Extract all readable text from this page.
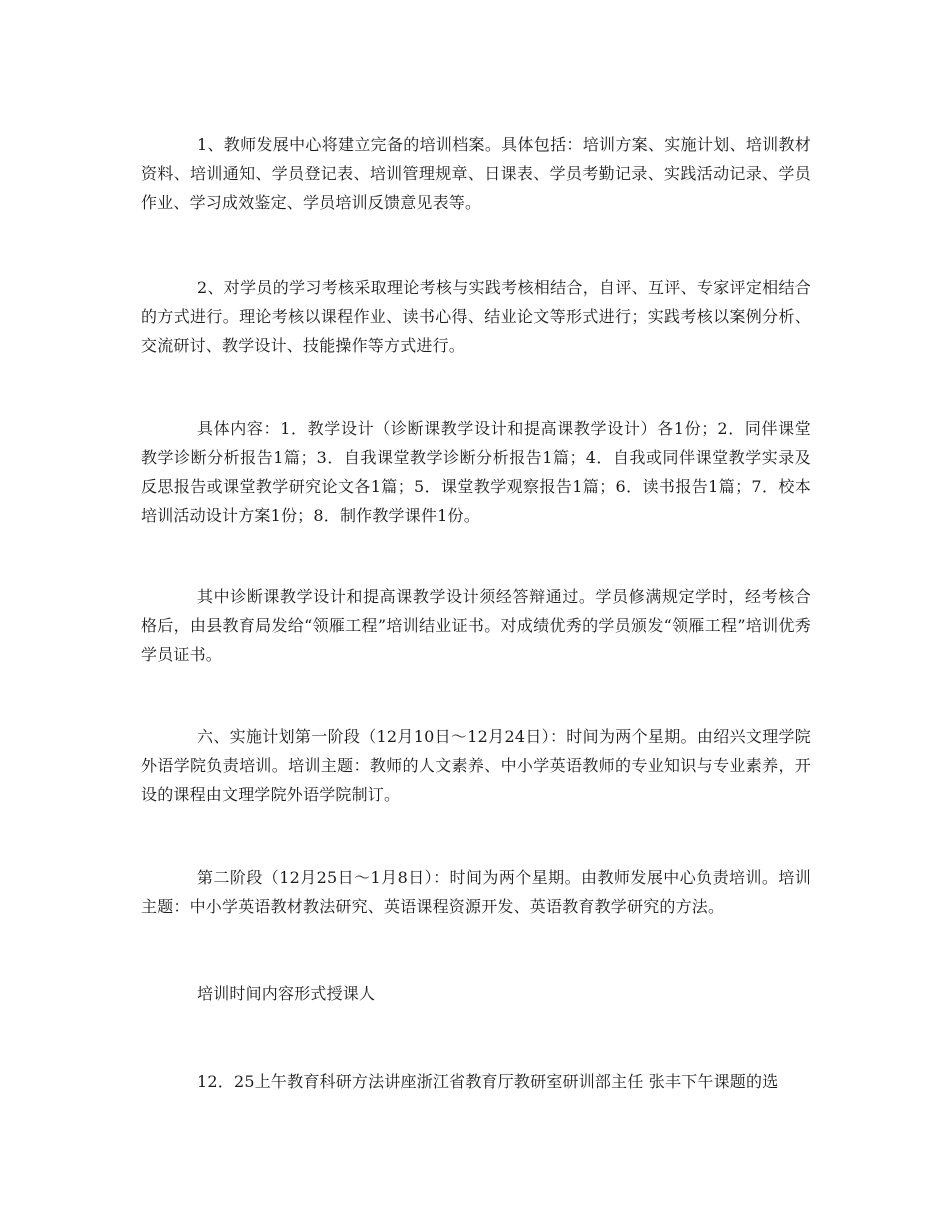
1、教师发展中心将建立完备的培训档案。具体包括：培训方案、实施计划、培训教材资料、培训通知、学员登记表、培训管理规章、日课表、学员考勤记录、实践活动记录、学员作业、学习成效鉴定、学员培训反馈意见表等。

2、对学员的学习考核采取理论考核与实践考核相结合，自评、互评、专家评定相结合的方式进行。理论考核以课程作业、读书心得、结业论文等形式进行；实践考核以案例分析、交流研讨、教学设计、技能操作等方式进行。

具体内容：1．教学设计（诊断课教学设计和提高课教学设计）各1份；2．同伴课堂教学诊断分析报告1篇；3．自我课堂教学诊断分析报告1篇；4．自我或同伴课堂教学实录及反思报告或课堂教学研究论文各1篇；5．课堂教学观察报告1篇；6．读书报告1篇；7．校本培训活动设计方案1份；8．制作教学课件1份。

其中诊断课教学设计和提高课教学设计须经答辩通过。学员修满规定学时，经考核合格后，由县教育局发给“领雁工程”培训结业证书。对成绩优秀的学员颁发“领雁工程”培训优秀学员证书。

六、实施计划第一阶段（12月10日～12月24日）：时间为两个星期。由绍兴文理学院外语学院负责培训。培训主题：教师的人文素养、中小学英语教师的专业知识与专业素养，开设的课程由文理学院外语学院制订。

第二阶段（12月25日～1月8日）：时间为两个星期。由教师发展中心负责培训。培训主题：中小学英语教材教法研究、英语课程资源开发、英语教育教学研究的方法。

培训时间内容形式授课人

12．25上午教育科研方法讲座浙江省教育厅教研室研训部主任 张丰下午课题的选
